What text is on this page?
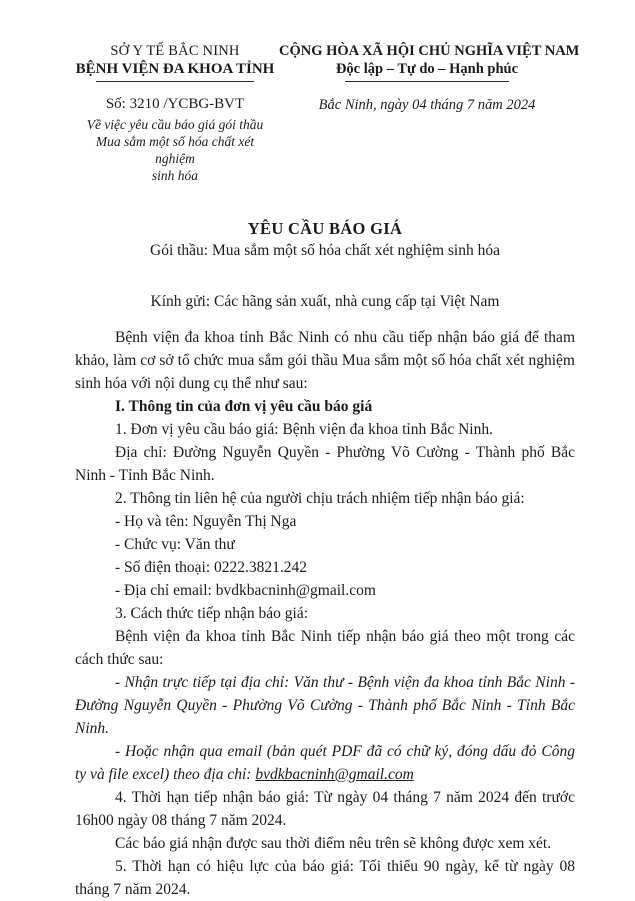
SỞ Y TẾ BẮC NINH
BỆNH VIỆN ĐA KHOA TỈNH
Số: 3210 /YCBG-BVT
Về việc yêu cầu báo giá gói thầu
Mua sắm một số hóa chất xét nghiệm
sinh hóa
CỘNG HÒA XÃ HỘI CHỦ NGHĨA VIỆT NAM
Độc lập – Tự do – Hạnh phúc
Bắc Ninh, ngày 04 tháng 7 năm 2024
YÊU CẦU BÁO GIÁ
Gói thầu: Mua sắm một số hóa chất xét nghiệm sinh hóa
Kính gửi: Các hãng sản xuất, nhà cung cấp tại Việt Nam

Bệnh viện đa khoa tỉnh Bắc Ninh có nhu cầu tiếp nhận báo giá để tham khảo, làm cơ sở tổ chức mua sắm gói thầu Mua sắm một số hóa chất xét nghiệm sinh hóa với nội dung cụ thể như sau:

I. Thông tin của đơn vị yêu cầu báo giá

1. Đơn vị yêu cầu báo giá: Bệnh viện đa khoa tỉnh Bắc Ninh.

Địa chỉ: Đường Nguyễn Quyền - Phường Võ Cường - Thành phố Bắc Ninh - Tỉnh Bắc Ninh.

2. Thông tin liên hệ của người chịu trách nhiệm tiếp nhận báo giá:

- Họ và tên: Nguyễn Thị Nga

- Chức vụ: Văn thư

- Số điện thoại: 0222.3821.242

- Địa chỉ email: bvdkbacninh@gmail.com

3. Cách thức tiếp nhận báo giá:

Bệnh viện đa khoa tỉnh Bắc Ninh tiếp nhận báo giá theo một trong các cách thức sau:

- Nhận trực tiếp tại địa chỉ: Văn thư - Bệnh viện đa khoa tỉnh Bắc Ninh - Đường Nguyễn Quyền - Phường Võ Cường - Thành phố Bắc Ninh - Tỉnh Bắc Ninh.

- Hoặc nhận qua email (bản quét PDF đã có chữ ký, đóng dấu đỏ Công ty và file excel) theo địa chỉ: bvdkbacninh@gmail.com

4. Thời hạn tiếp nhận báo giá: Từ ngày 04 tháng 7 năm 2024 đến trước 16h00 ngày 08 tháng 7 năm 2024.

Các báo giá nhận được sau thời điểm nêu trên sẽ không được xem xét.

5. Thời hạn có hiệu lực của báo giá: Tối thiểu 90 ngày, kể từ ngày 08 tháng 7 năm 2024.
